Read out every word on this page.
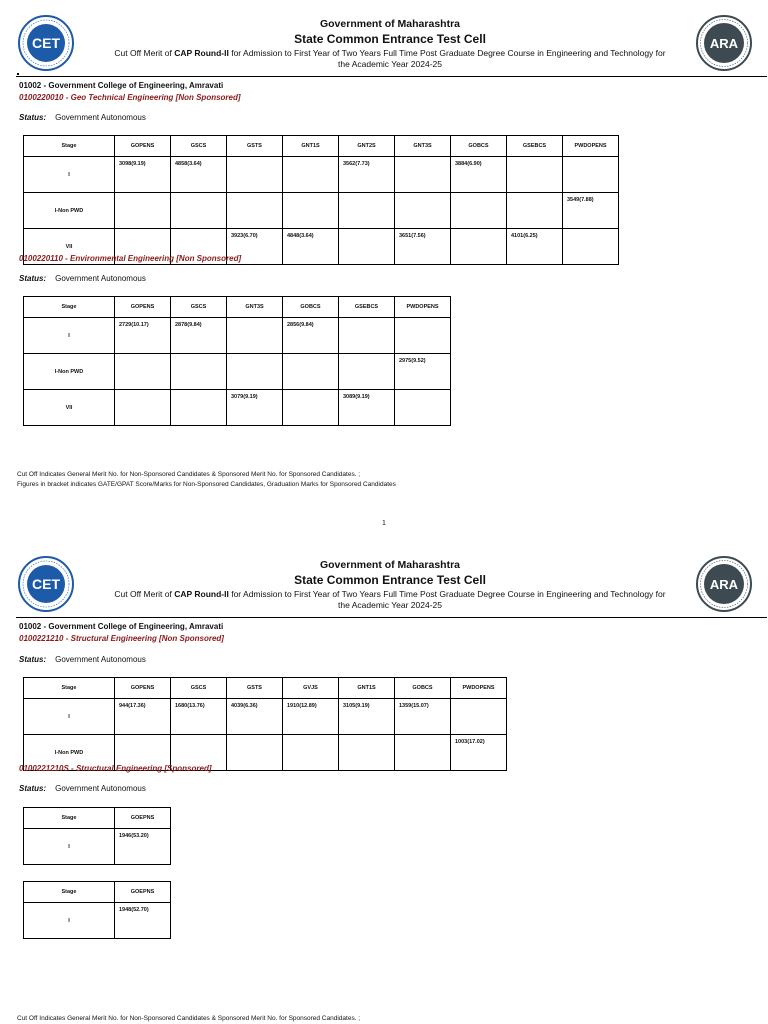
CET	ARA
Government of Maharashtra
State Common Entrance Test Cell
Cut Off Merit of CAP Round-II for Admission to First Year of Two Years Full Time Post Graduate Degree Course in Engineering and Technology for the Academic Year 2024-25
01002 - Government College of Engineering, Amravati
0100220010 - Geo Technical Engineering [Non Sponsored]
Status: Government Autonomous
Stage	GOPENS	GSCS	GSTS	GNT1S	GNT2S	GNT3S	GOBCS	GSEBCS	PWDOPENS
I	3098(9.19)	4858(3.64)			3562(7.73)		3884(6.90)		
I-Non PWD									3549(7.88)
VII			3923(6.70)	4848(3.64)		3651(7.56)		4101(6.25)	
0100220110 - Environmental Engineering [Non Sponsored]
Status: Government Autonomous
Stage	GOPENS	GSCS	GNT3S	GOBCS	GSEBCS	PWDOPENS
I	2729(10.17)	2878(9.84)		2856(9.84)		
I-Non PWD						2975(9.52)
VII			3079(9.19)		3089(9.19)	
Cut Off Indicates General Merit No. for Non-Sponsored Candidates & Sponsored Merit No. for Sponsored Candidates. ;
Figures in bracket indicates GATE/GPAT Score/Marks for Non-Sponsored Candidates, Graduation Marks for Sponsored Candidates
1
CET	ARA
Government of Maharashtra
State Common Entrance Test Cell
Cut Off Merit of CAP Round-II for Admission to First Year of Two Years Full Time Post Graduate Degree Course in Engineering and Technology for the Academic Year 2024-25
01002 - Government College of Engineering, Amravati
0100221210 - Structural Engineering [Non Sponsored]
Status: Government Autonomous
Stage	GOPENS	GSCS	GSTS	GVJS	GNT1S	GOBCS	PWDOPENS
I	944(17.36)	1680(13.76)	4039(6.36)	1910(12.89)	3105(9.19)	1359(15.07)	
I-Non PWD							1003(17.02)
0100221210S - Structural Engineering [Sponsored]
Status: Government Autonomous
Stage	GOEPNS
I	1946(53.20)
Stage	GOEPNS
I	1948(52.70)
Cut Off Indicates General Merit No. for Non-Sponsored Candidates & Sponsored Merit No. for Sponsored Candidates. ;
